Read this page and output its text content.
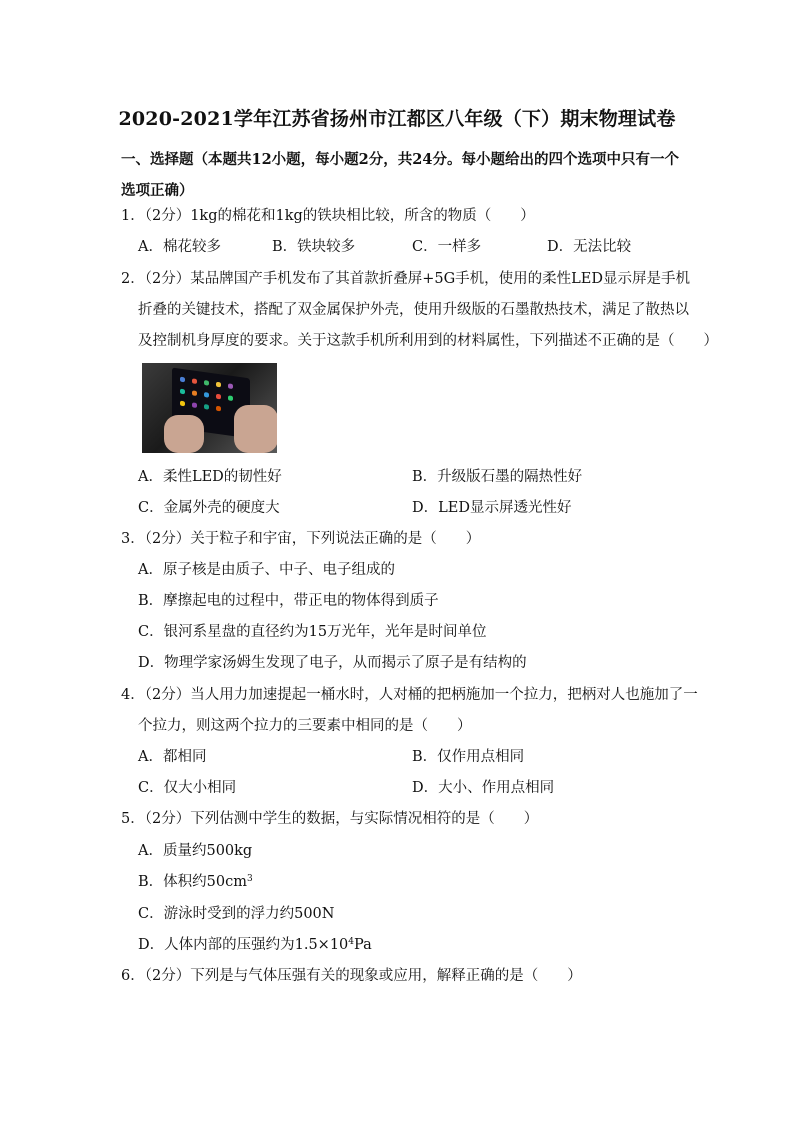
2020-2021学年江苏省扬州市江都区八年级（下）期末物理试卷
一、选择题（本题共12小题，每小题2分，共24分。每小题给出的四个选项中只有一个选项正确）
1．（2分）1kg的棉花和1kg的铁块相比较，所含的物质（　　）
A．棉花较多	B．铁块较多	C．一样多	D．无法比较
2．（2分）某品牌国产手机发布了其首款折叠屏+5G手机，使用的柔性LED显示屏是手机
折叠的关键技术，搭配了双金属保护外壳，使用升级版的石墨散热技术，满足了散热以
及控制机身厚度的要求。关于这款手机所利用到的材料属性，下列描述不正确的是（　　）
A．柔性LED的韧性好	B．升级版石墨的隔热性好
C．金属外壳的硬度大	D．LED显示屏透光性好
3．（2分）关于粒子和宇宙，下列说法正确的是（　　）
A．原子核是由质子、中子、电子组成的
B．摩擦起电的过程中，带正电的物体得到质子
C．银河系星盘的直径约为15万光年，光年是时间单位
D．物理学家汤姆生发现了电子，从而揭示了原子是有结构的
4．（2分）当人用力加速提起一桶水时，人对桶的把柄施加一个拉力，把柄对人也施加了一
个拉力，则这两个拉力的三要素中相同的是（　　）
A．都相同	B．仅作用点相同
C．仅大小相同	D．大小、作用点相同
5．（2分）下列估测中学生的数据，与实际情况相符的是（　　）
A．质量约500kg
B．体积约$50cm^3$
C．游泳时受到的浮力约500N
D．人体内部的压强约为$1.5\times 10^4Pa$
6．（2分）下列是与气体压强有关的现象或应用，解释正确的是（　　）
